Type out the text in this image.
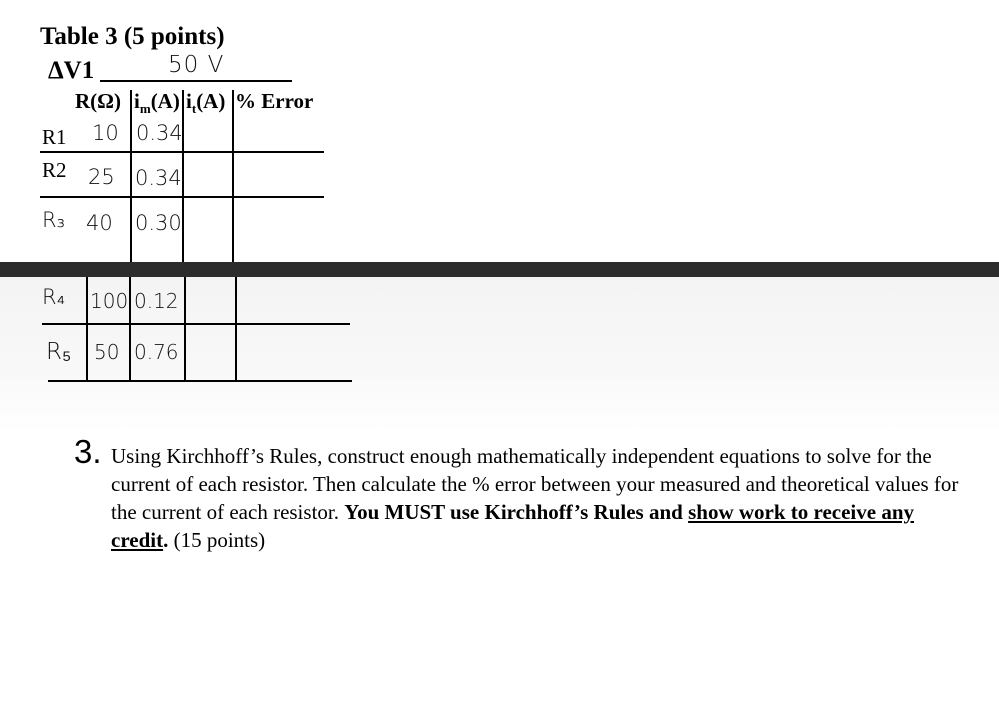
Table 3 (5 points)
ΔV1	50 V
R(Ω) $i_m(A)$ $i_t(A)$ % Error
R1 10 0.34
R2 25 0.34
R₃ 40 0.30
R₄ 100 0.12
R₅ 50 0.76
3. Using Kirchhoff’s Rules, construct enough mathematically independent equations to solve for the current of each resistor. Then calculate the % error between your measured and theoretical values for the current of each resistor. You MUST use Kirchhoff’s Rules and show work to receive any credit. (15 points)
